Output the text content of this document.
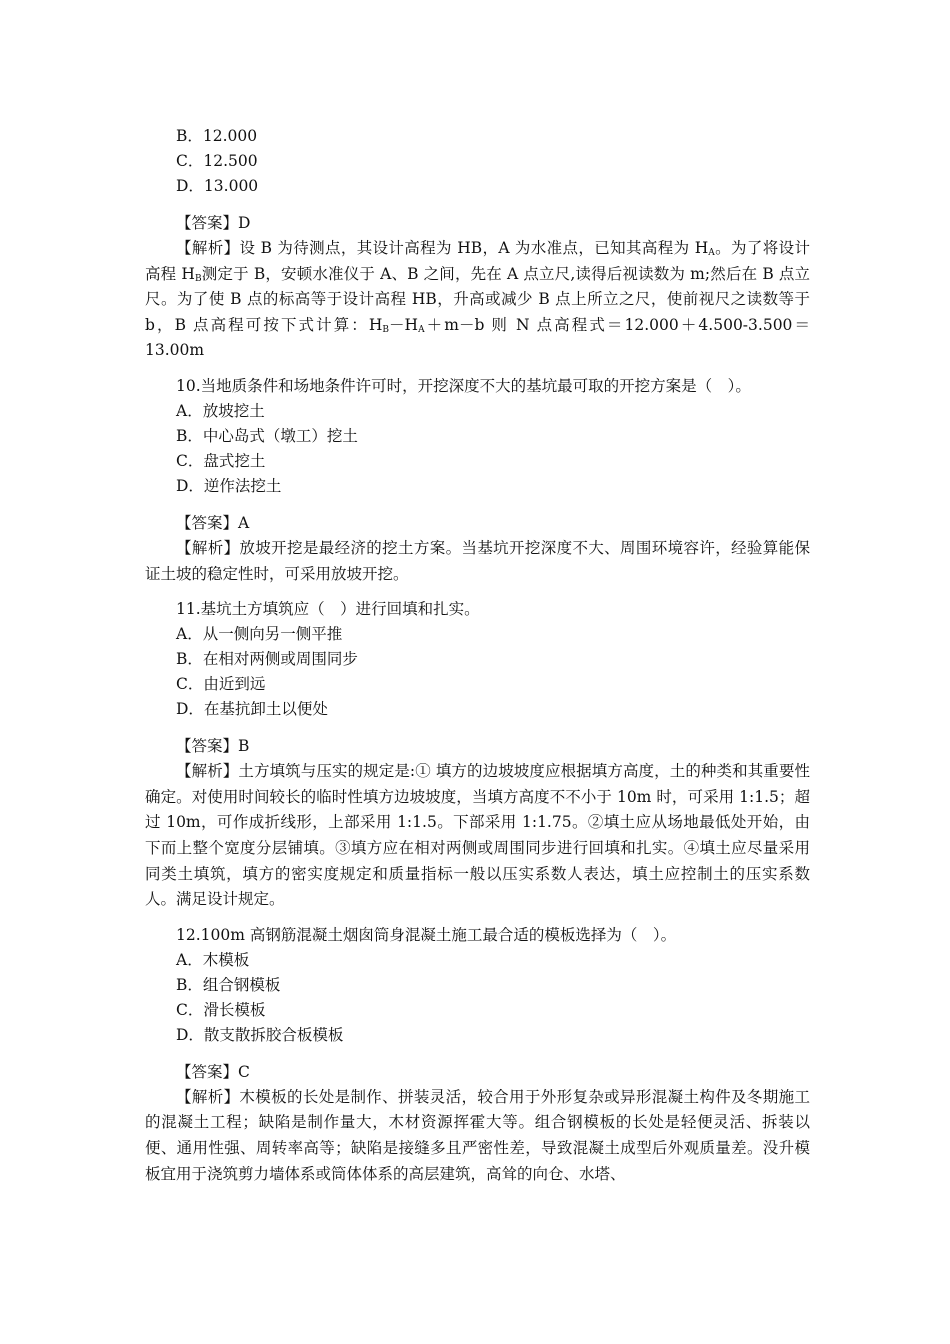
B．12.000
C．12.500
D．13.000
【答案】D
【解析】设 B 为待测点，其设计高程为 HB，A 为水准点，已知其高程为 $H_A$。为了将设计高程 $H_B$测定于 B，安顿水准仪于 A、B 之间，先在 A 点立尺,读得后视读数为 m;然后在 B 点立尺。为了使 B 点的标高等于设计高程 HB，升高或减少 B 点上所立之尺，使前视尺之读数等于 b，B 点高程可按下式计算：$H_B-H_A+m-b$ 则 N 点高程式＝12.000＋4.500-3.500＝13.00m
10.当地质条件和场地条件许可时，开挖深度不大的基坑最可取的开挖方案是（　）。
A．放坡挖土
B．中心岛式（墩工）挖土
C．盘式挖土
D．逆作法挖土
【答案】A
【解析】放坡开挖是最经济的挖土方案。当基坑开挖深度不大、周围环境容许，经验算能保证土坡的稳定性时，可采用放坡开挖。
11.基坑土方填筑应（　）进行回填和扎实。
A．从一侧向另一侧平推
B．在相对两侧或周围同步
C．由近到远
D．在基抗卸土以便处
【答案】B
【解析】土方填筑与压实的规定是:① 填方的边坡坡度应根据填方高度，土的种类和其重要性确定。对使用时间较长的临时性填方边坡坡度，当填方高度不不小于 10m 时，可采用 1:1.5；超过 10m，可作成折线形，上部采用 1:1.5。下部采用 1:1.75。②填土应从场地最低处开始，由下而上整个宽度分层铺填。③填方应在相对两侧或周围同步进行回填和扎实。④填土应尽量采用同类土填筑，填方的密实度规定和质量指标一般以压实系数人表达，填土应控制土的压实系数人。满足设计规定。
12.100m 高钢筋混凝土烟囱筒身混凝土施工最合适的模板选择为（　）。
A．木模板
B．组合钢模板
C．滑长模板
D．散支散拆胶合板模板
【答案】C
【解析】木模板的长处是制作、拼装灵活，较合用于外形复杂或异形混凝土构件及冬期施工的混凝土工程；缺陷是制作量大，木材资源挥霍大等。组合钢模板的长处是轻便灵活、拆装以便、通用性强、周转率高等；缺陷是接缝多且严密性差，导致混凝土成型后外观质量差。没升模板宜用于浇筑剪力墙体系或筒体体系的高层建筑，高耸的向仓、水塔、
